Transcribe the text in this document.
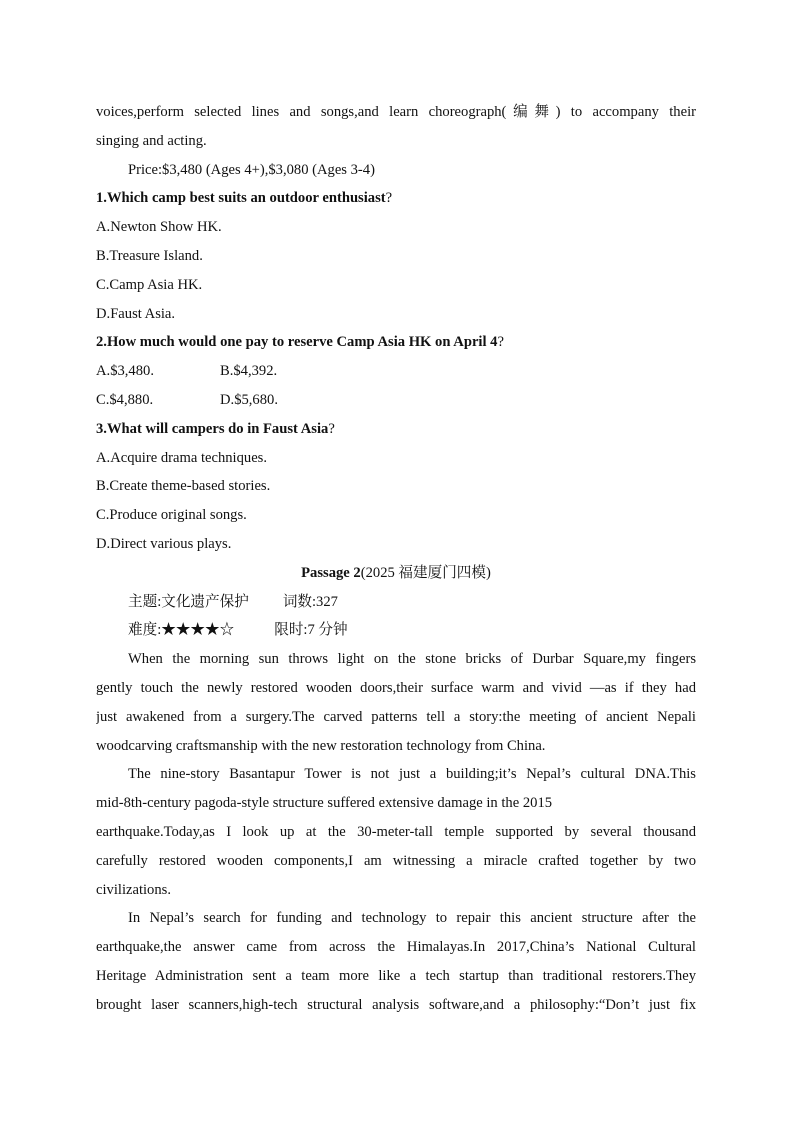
voices,perform selected lines and songs,and learn choreograph(编舞) to accompany their
singing and acting.
Price:$3,480 (Ages 4+),$3,080 (Ages 3-4)
1.Which camp best suits an outdoor enthusiast?
A.Newton Show HK.
B.Treasure Island.
C.Camp Asia HK.
D.Faust Asia.
2.How much would one pay to reserve Camp Asia HK on April 4?
A.$3,480.	B.$4,392.
C.$4,880.	D.$5,680.
3.What will campers do in Faust Asia?
A.Acquire drama techniques.
B.Create theme-based stories.
C.Produce original songs.
D.Direct various plays.
Passage 2(2025 福建厦门四模)
主题:文化遗产保护 词数:327
难度:★★★★☆	限时:7 分钟
When the morning sun throws light on the stone bricks of Durbar Square,my fingers
gently touch the newly restored wooden doors,their surface warm and vivid —as if they had
just awakened from a surgery.The carved patterns tell a story:the meeting of ancient Nepali
woodcarving craftsmanship with the new restoration technology from China.
The nine-story Basantapur Tower is not just a building;it’s Nepal’s cultural DNA.This
mid-8th-century pagoda-style structure suffered extensive damage in the 2015
earthquake.Today,as I look up at the 30-meter-tall temple supported by several thousand
carefully restored wooden components,I am witnessing a miracle crafted together by two
civilizations.
In Nepal’s search for funding and technology to repair this ancient structure after the
earthquake,the answer came from across the Himalayas.In 2017,China’s National Cultural
Heritage Administration sent a team more like a tech startup than traditional restorers.They
brought laser scanners,high-tech structural analysis software,and a philosophy:“Don’t just fix
